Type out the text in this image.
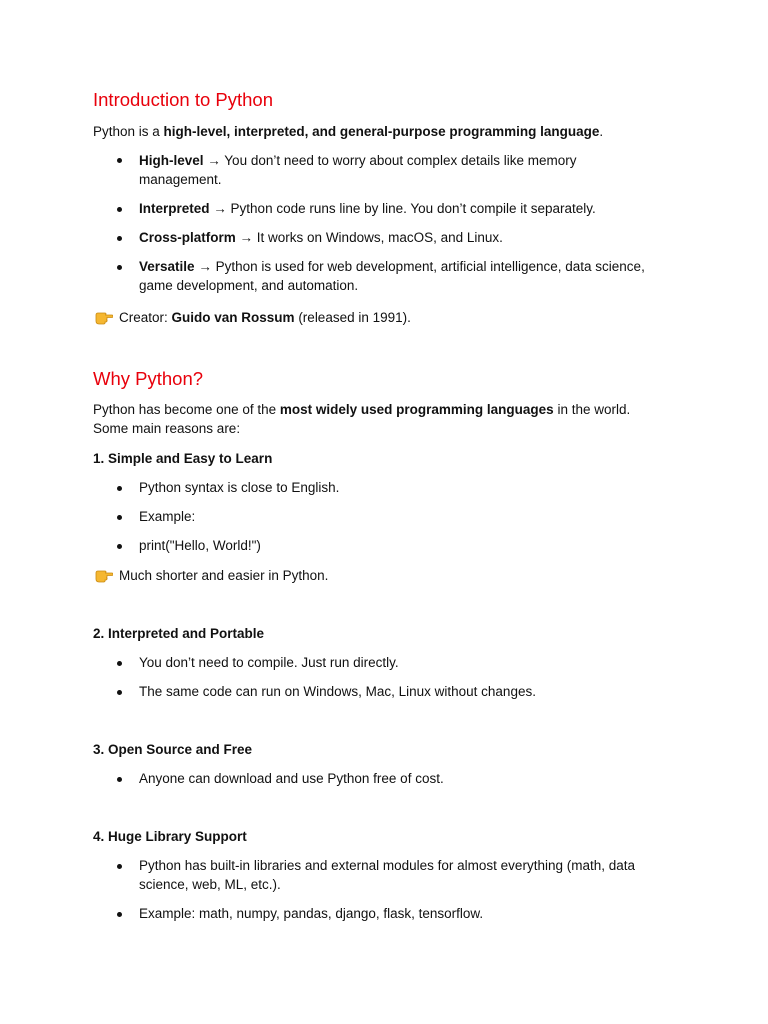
Introduction to Python

Python is a high-level, interpreted, and general-purpose programming language.

High-level → You don’t need to worry about complex details like memory

management.

Interpreted → Python code runs line by line. You don’t compile it separately.

Cross-platform → It works on Windows, macOS, and Linux.

Versatile → Python is used for web development, artificial intelligence, data science,

game development, and automation.

Creator: Guido van Rossum (released in 1991).

Why Python?

Python has become one of the most widely used programming languages in the world.

Some main reasons are:

1. Simple and Easy to Learn

Python syntax is close to English.

Example:

print("Hello, World!")

Much shorter and easier in Python.

2. Interpreted and Portable

You don’t need to compile. Just run directly.

The same code can run on Windows, Mac, Linux without changes.

3. Open Source and Free

Anyone can download and use Python free of cost.

4. Huge Library Support

Python has built-in libraries and external modules for almost everything (math, data

science, web, ML, etc.).

Example: math, numpy, pandas, django, flask, tensorflow.
